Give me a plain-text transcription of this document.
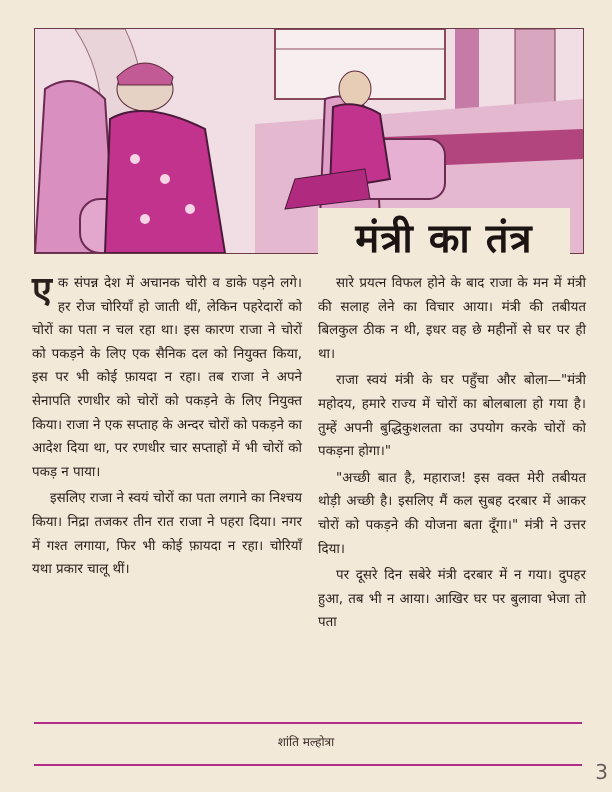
मंत्री का तंत्र

एक संपन्न देश में अचानक चोरी व डाके पड़ने लगे। हर रोज चोरियाँ हो जाती थीं, लेकिन पहरेदारों को चोरों का पता न चल रहा था। इस कारण राजा ने चोरों को पकड़ने के लिए एक सैनिक दल को नियुक्त किया, इस पर भी कोई फ़ायदा न रहा। तब राजा ने अपने सेनापति रणधीर को चोरों को पकड़ने के लिए नियुक्त किया। राजा ने एक सप्ताह के अन्दर चोरों को पकड़ने का आदेश दिया था, पर रणधीर चार सप्ताहों में भी चोरों को पकड़ न पाया।

इसलिए राजा ने स्वयं चोरों का पता लगाने का निश्चय किया। निद्रा तजकर तीन रात राजा ने पहरा दिया। नगर में गश्त लगाया, फिर भी कोई फ़ायदा न रहा। चोरियाँ यथा प्रकार चालू थीं।

सारे प्रयत्न विफल होने के बाद राजा के मन में मंत्री की सलाह लेने का विचार आया। मंत्री की तबीयत बिलकुल ठीक न थी, इधर वह छे महीनों से घर पर ही था।

राजा स्वयं मंत्री के घर पहुँचा और बोला—"मंत्री महोदय, हमारे राज्य में चोरों का बोलबाला हो गया है। तुम्हें अपनी बुद्धिकुशलता का उपयोग करके चोरों को पकड़ना होगा।"

"अच्छी बात है, महाराज! इस वक्त मेरी तबीयत थोड़ी अच्छी है। इसलिए मैं कल सुबह दरबार में आकर चोरों को पकड़ने की योजना बता दूँगा।" मंत्री ने उत्तर दिया।

पर दूसरे दिन सबेरे मंत्री दरबार में न गया। दुपहर हुआ, तब भी न आया। आखिर घर पर बुलावा भेजा तो पता

शांति मल्होत्रा
3
